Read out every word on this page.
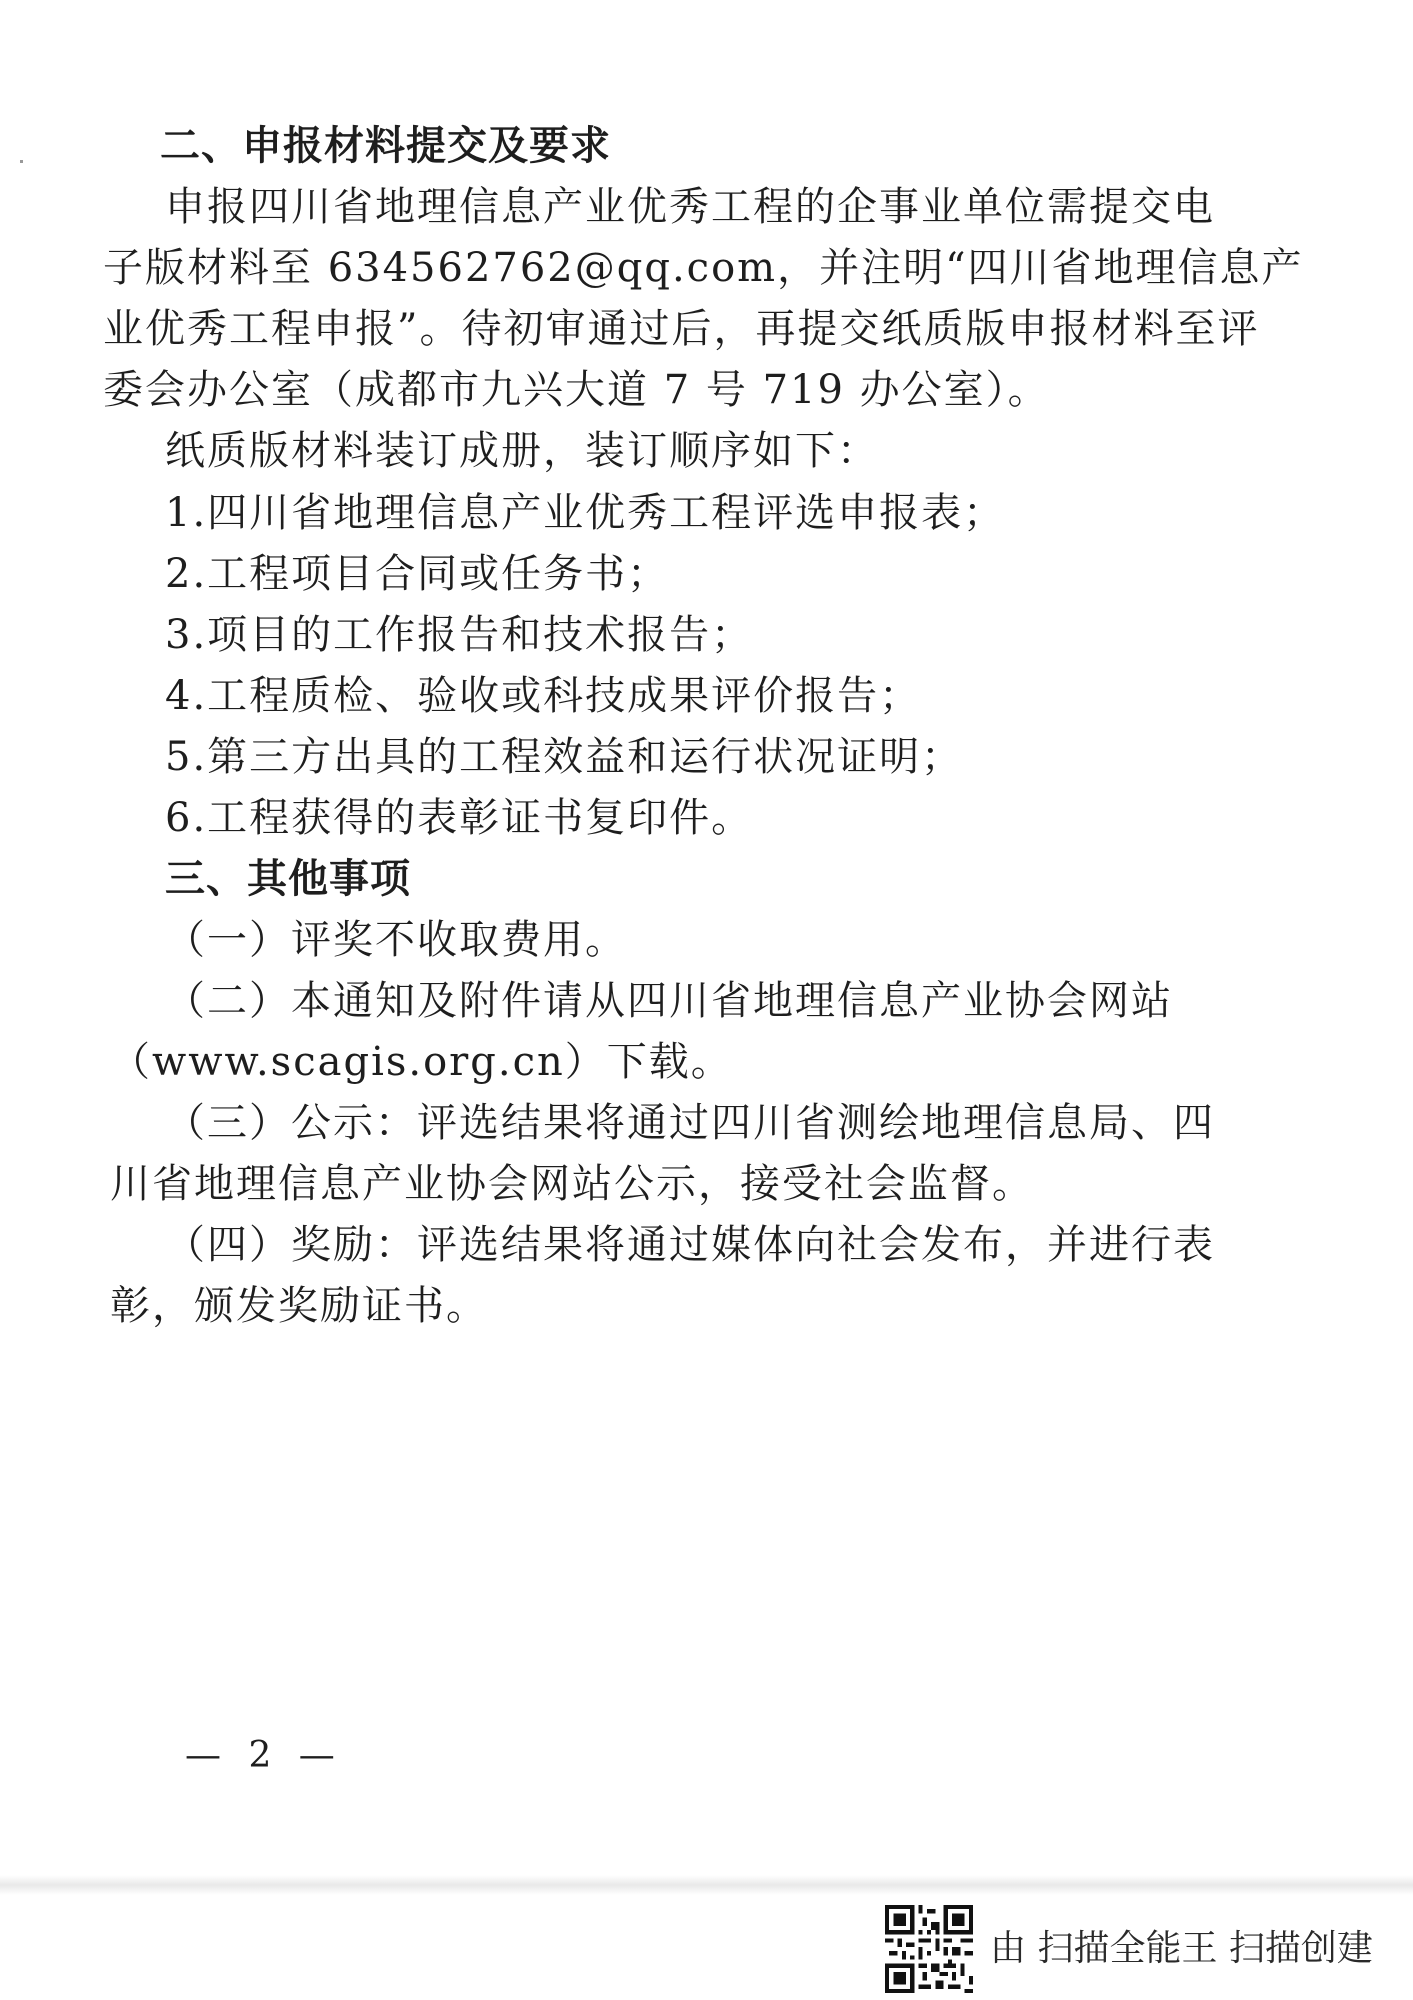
二、申报材料提交及要求
申报四川省地理信息产业优秀工程的企事业单位需提交电
子版材料至 634562762@qq.com，并注明“四川省地理信息产
业优秀工程申报”。待初审通过后，再提交纸质版申报材料至评
委会办公室（成都市九兴大道 7 号 719 办公室）。
纸质版材料装订成册，装订顺序如下：
1.四川省地理信息产业优秀工程评选申报表；
2.工程项目合同或任务书；
3.项目的工作报告和技术报告；
4.工程质检、验收或科技成果评价报告；
5.第三方出具的工程效益和运行状况证明；
6.工程获得的表彰证书复印件。
三、其他事项
（一）评奖不收取费用。
（二）本通知及附件请从四川省地理信息产业协会网站
（www.scagis.org.cn）下载。
（三）公示：评选结果将通过四川省测绘地理信息局、四
川省地理信息产业协会网站公示，接受社会监督。
（四）奖励：评选结果将通过媒体向社会发布，并进行表
彰，颁发奖励证书。
— 2 —
由 扫描全能王 扫描创建
